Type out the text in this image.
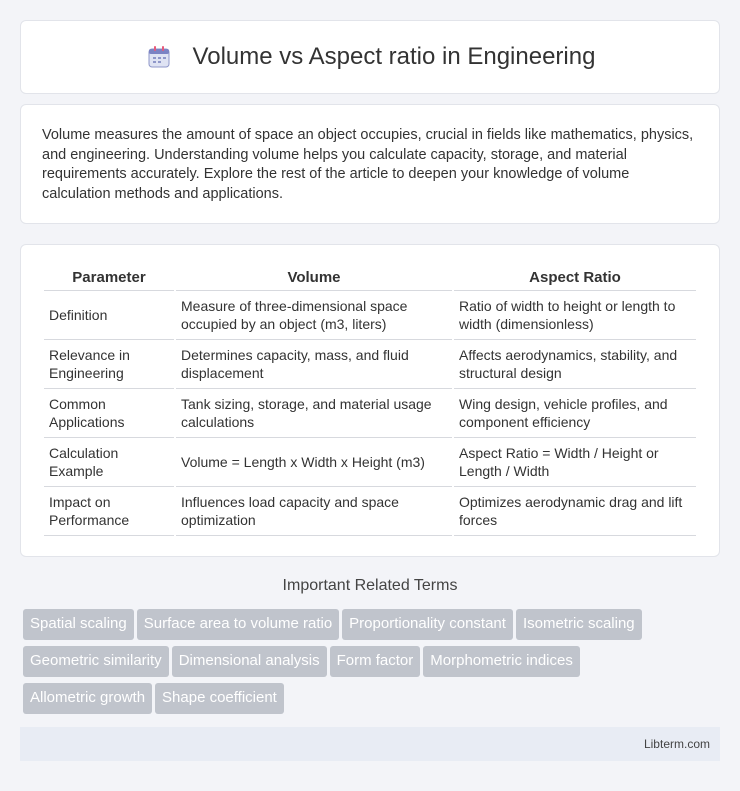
Volume vs Aspect ratio in Engineering

Volume measures the amount of space an object occupies, crucial in fields like mathematics, physics, and engineering. Understanding volume helps you calculate capacity, storage, and material requirements accurately. Explore the rest of the article to deepen your knowledge of volume calculation methods and applications.

Parameter	Volume	Aspect Ratio
Definition	Measure of three-dimensional space occupied by an object (m3, liters)	Ratio of width to height or length to width (dimensionless)
Relevance in Engineering	Determines capacity, mass, and fluid displacement	Affects aerodynamics, stability, and structural design
Common Applications	Tank sizing, storage, and material usage calculations	Wing design, vehicle profiles, and component efficiency
Calculation Example	Volume = Length x Width x Height (m3)	Aspect Ratio = Width / Height or Length / Width
Impact on Performance	Influences load capacity and space optimization	Optimizes aerodynamic drag and lift forces
Important Related Terms
Spatial scaling Surface area to volume ratio Proportionality constant Isometric scaling
Geometric similarity Dimensional analysis Form factor Morphometric indices
Allometric growth Shape coefficient
Libterm.com
